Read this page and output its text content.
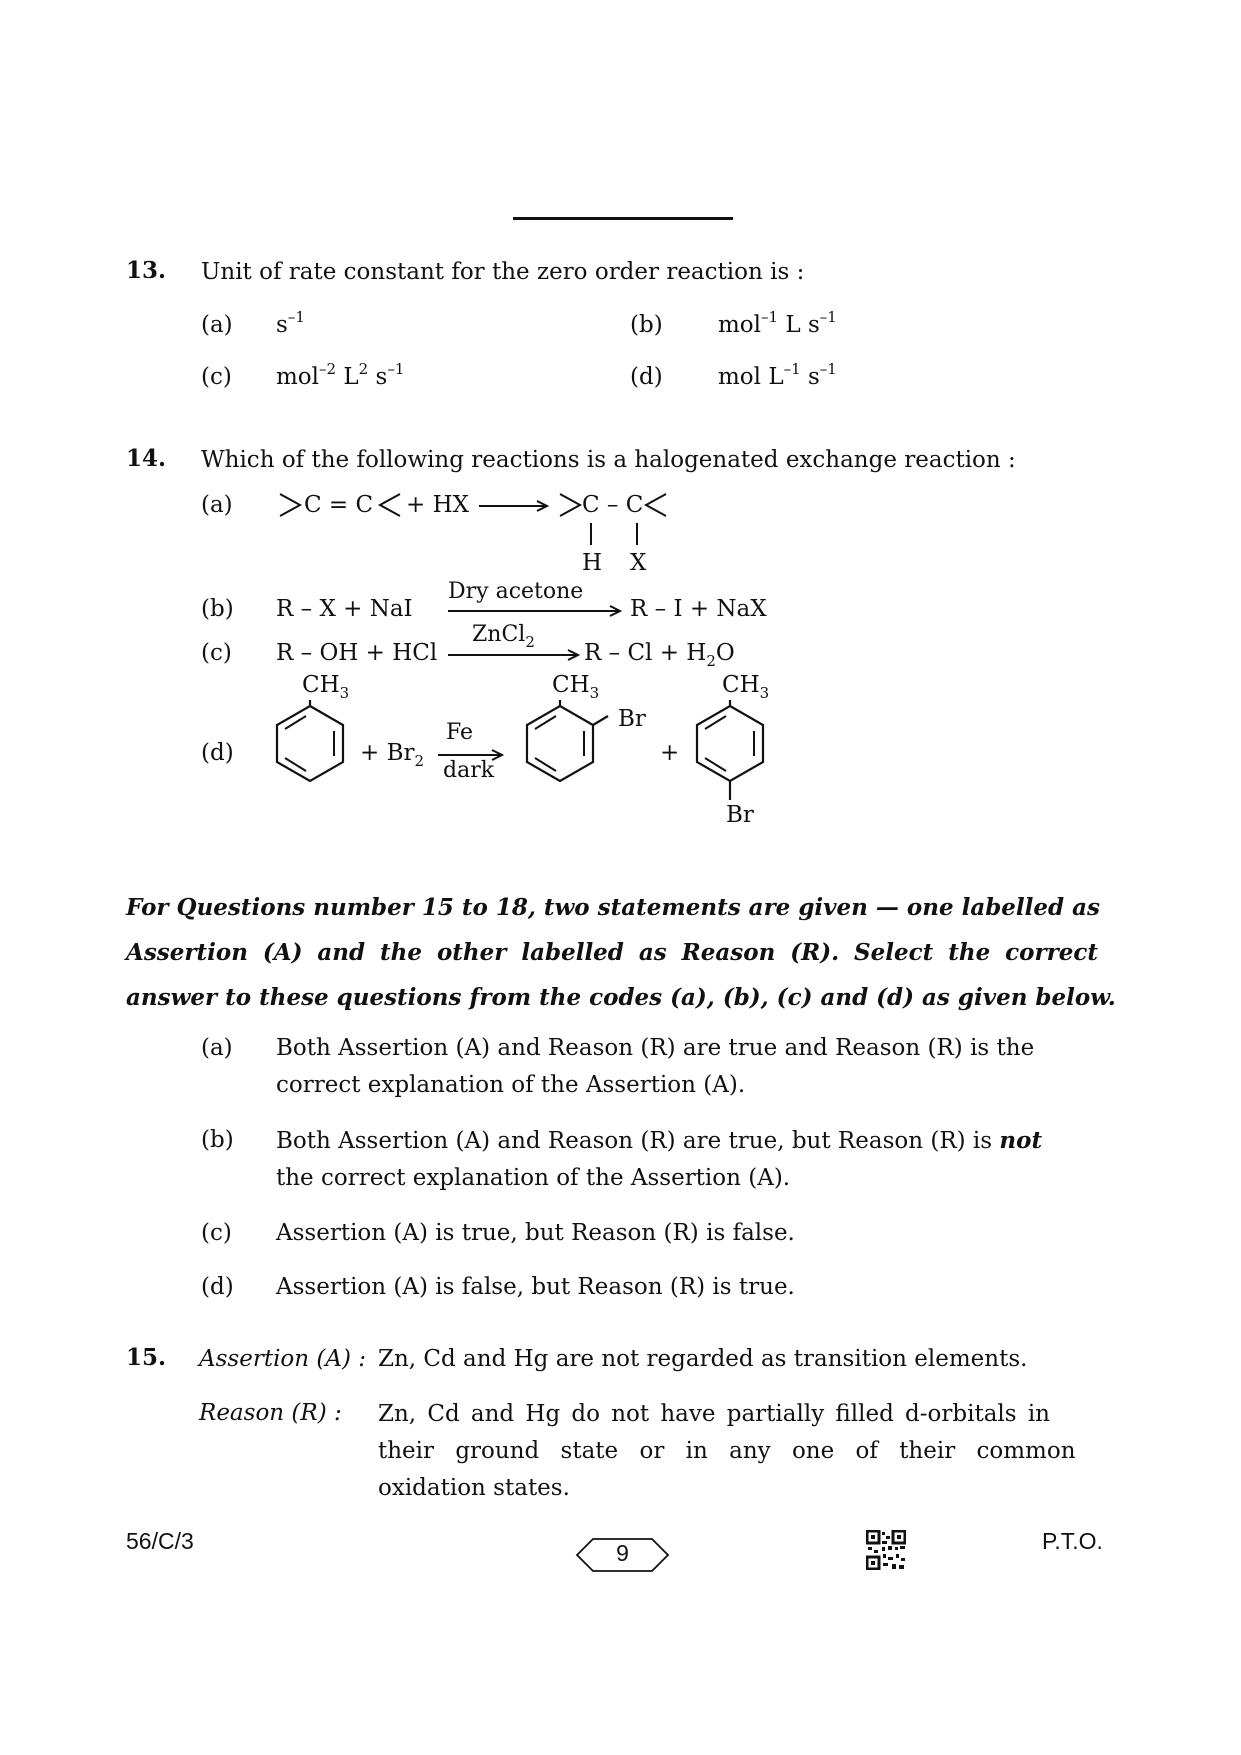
13. Unit of rate constant for the zero order reaction is :
(a) $s^{-1}$	(b) mol$^{-1}$ L $s^{-1}$
(c) mol$^{-2}$ $L^2$ $s^{-1}$	(d) mol $L^{-1}$ $s^{-1}$
14. Which of the following reactions is a halogenated exchange reaction :
(a)	C = C + HX	C – C
H X
(b) R – X + NaI
Dry acetone
R – I + NaX
(c) R – OH + HCl
ZnCl$_2$ $R - Cl + H_2O$
(d)
$CH_3$
+ $Br_2$
Fe
dark
$CH_3$
Br
+
$CH_3$
Br
For Questions number 15 to 18, two statements are given — one labelled as
Assertion (A) and the other labelled as Reason (R). Select the correct
answer to these questions from the codes (a), (b), (c) and (d) as given below.
(a) Both Assertion (A) and Reason (R) are true and Reason (R) is the
correct explanation of the Assertion (A).
(b) Both Assertion (A) and Reason (R) are true, but Reason (R) is not
the correct explanation of the Assertion (A).
(c) Assertion (A) is true, but Reason (R) is false.
(d) Assertion (A) is false, but Reason (R) is true.
15. Assertion (A) : Zn, Cd and Hg are not regarded as transition elements.
Reason (R) : Zn, Cd and Hg do not have partially filled d-orbitals in
their ground state or in any one of their common
oxidation states.
56/C/3	9	P.T.O.
